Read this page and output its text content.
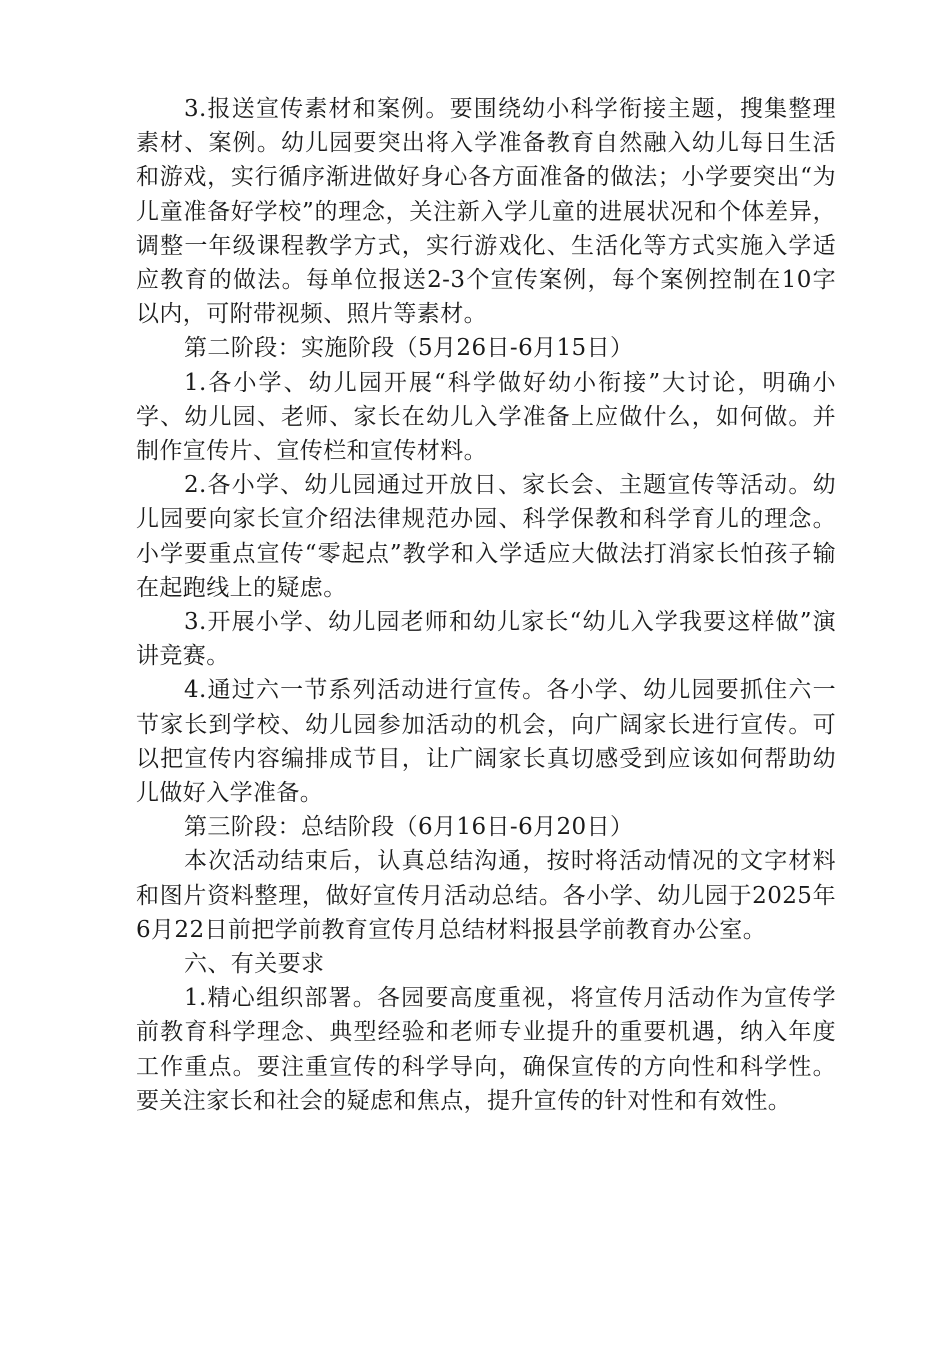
3.报送宣传素材和案例。要围绕幼小科学衔接主题，搜集整理素材、案例。幼儿园要突出将入学准备教育自然融入幼儿每日生活和游戏，实行循序渐进做好身心各方面准备的做法；小学要突出“为儿童准备好学校”的理念，关注新入学儿童的进展状况和个体差异，调整一年级课程教学方式，实行游戏化、生活化等方式实施入学适应教育的做法。每单位报送2-3个宣传案例，每个案例控制在10字以内，可附带视频、照片等素材。

第二阶段：实施阶段（5月26日-6月15日）

1.各小学、幼儿园开展“科学做好幼小衔接”大讨论，明确小学、幼儿园、老师、家长在幼儿入学准备上应做什么，如何做。并制作宣传片、宣传栏和宣传材料。

2.各小学、幼儿园通过开放日、家长会、主题宣传等活动。幼儿园要向家长宣介绍法律规范办园、科学保教和科学育儿的理念。小学要重点宣传“零起点”教学和入学适应大做法打消家长怕孩子输在起跑线上的疑虑。

3.开展小学、幼儿园老师和幼儿家长“幼儿入学我要这样做”演讲竞赛。

4.通过六一节系列活动进行宣传。各小学、幼儿园要抓住六一节家长到学校、幼儿园参加活动的机会，向广阔家长进行宣传。可以把宣传内容编排成节目，让广阔家长真切感受到应该如何帮助幼儿做好入学准备。

第三阶段：总结阶段（6月16日-6月20日）

本次活动结束后，认真总结沟通，按时将活动情况的文字材料和图片资料整理，做好宣传月活动总结。各小学、幼儿园于2025年6月22日前把学前教育宣传月总结材料报县学前教育办公室。

六、有关要求

1.精心组织部署。各园要高度重视，将宣传月活动作为宣传学前教育科学理念、典型经验和老师专业提升的重要机遇，纳入年度工作重点。要注重宣传的科学导向，确保宣传的方向性和科学性。要关注家长和社会的疑虑和焦点，提升宣传的针对性和有效性。
